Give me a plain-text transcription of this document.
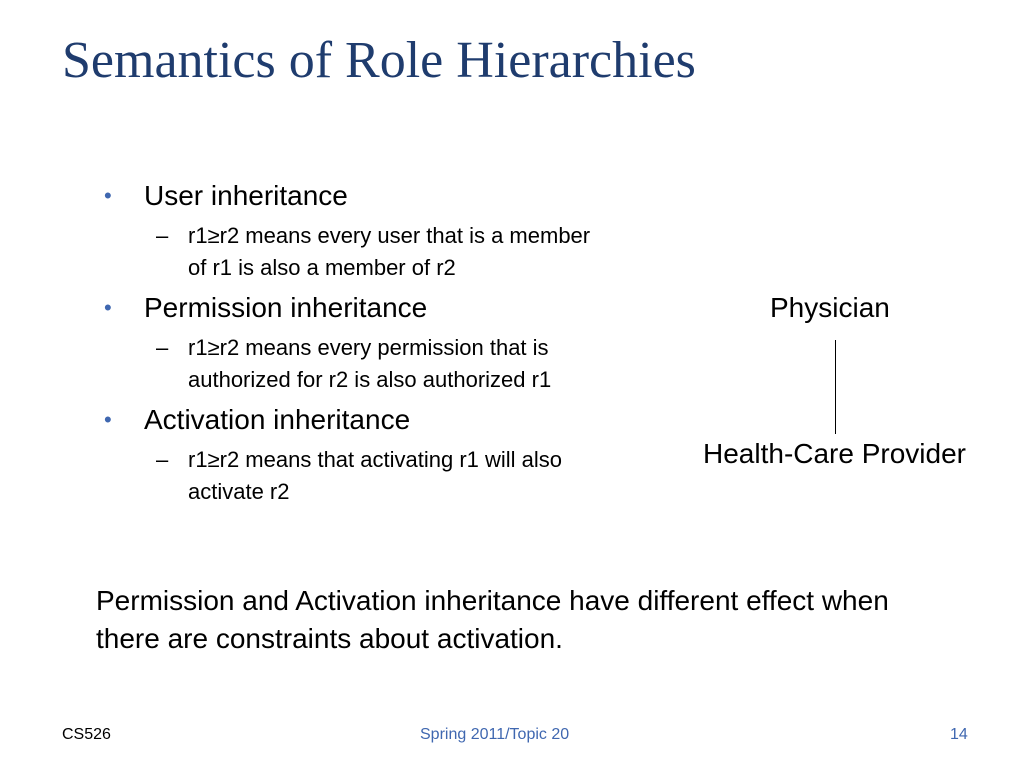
Semantics of Role Hierarchies
•	User inheritance
– r1≥r2 means every user that is a member of r1 is also a member of r2
•	Permission inheritance
– r1≥r2 means every permission that is authorized for r2 is also authorized r1
•	Activation inheritance
– r1≥r2 means that activating r1 will also activate r2
Physician
Health-Care Provider
Permission and Activation inheritance have different effect when there are constraints about activation.
CS526	Spring 2011/Topic 20	14
